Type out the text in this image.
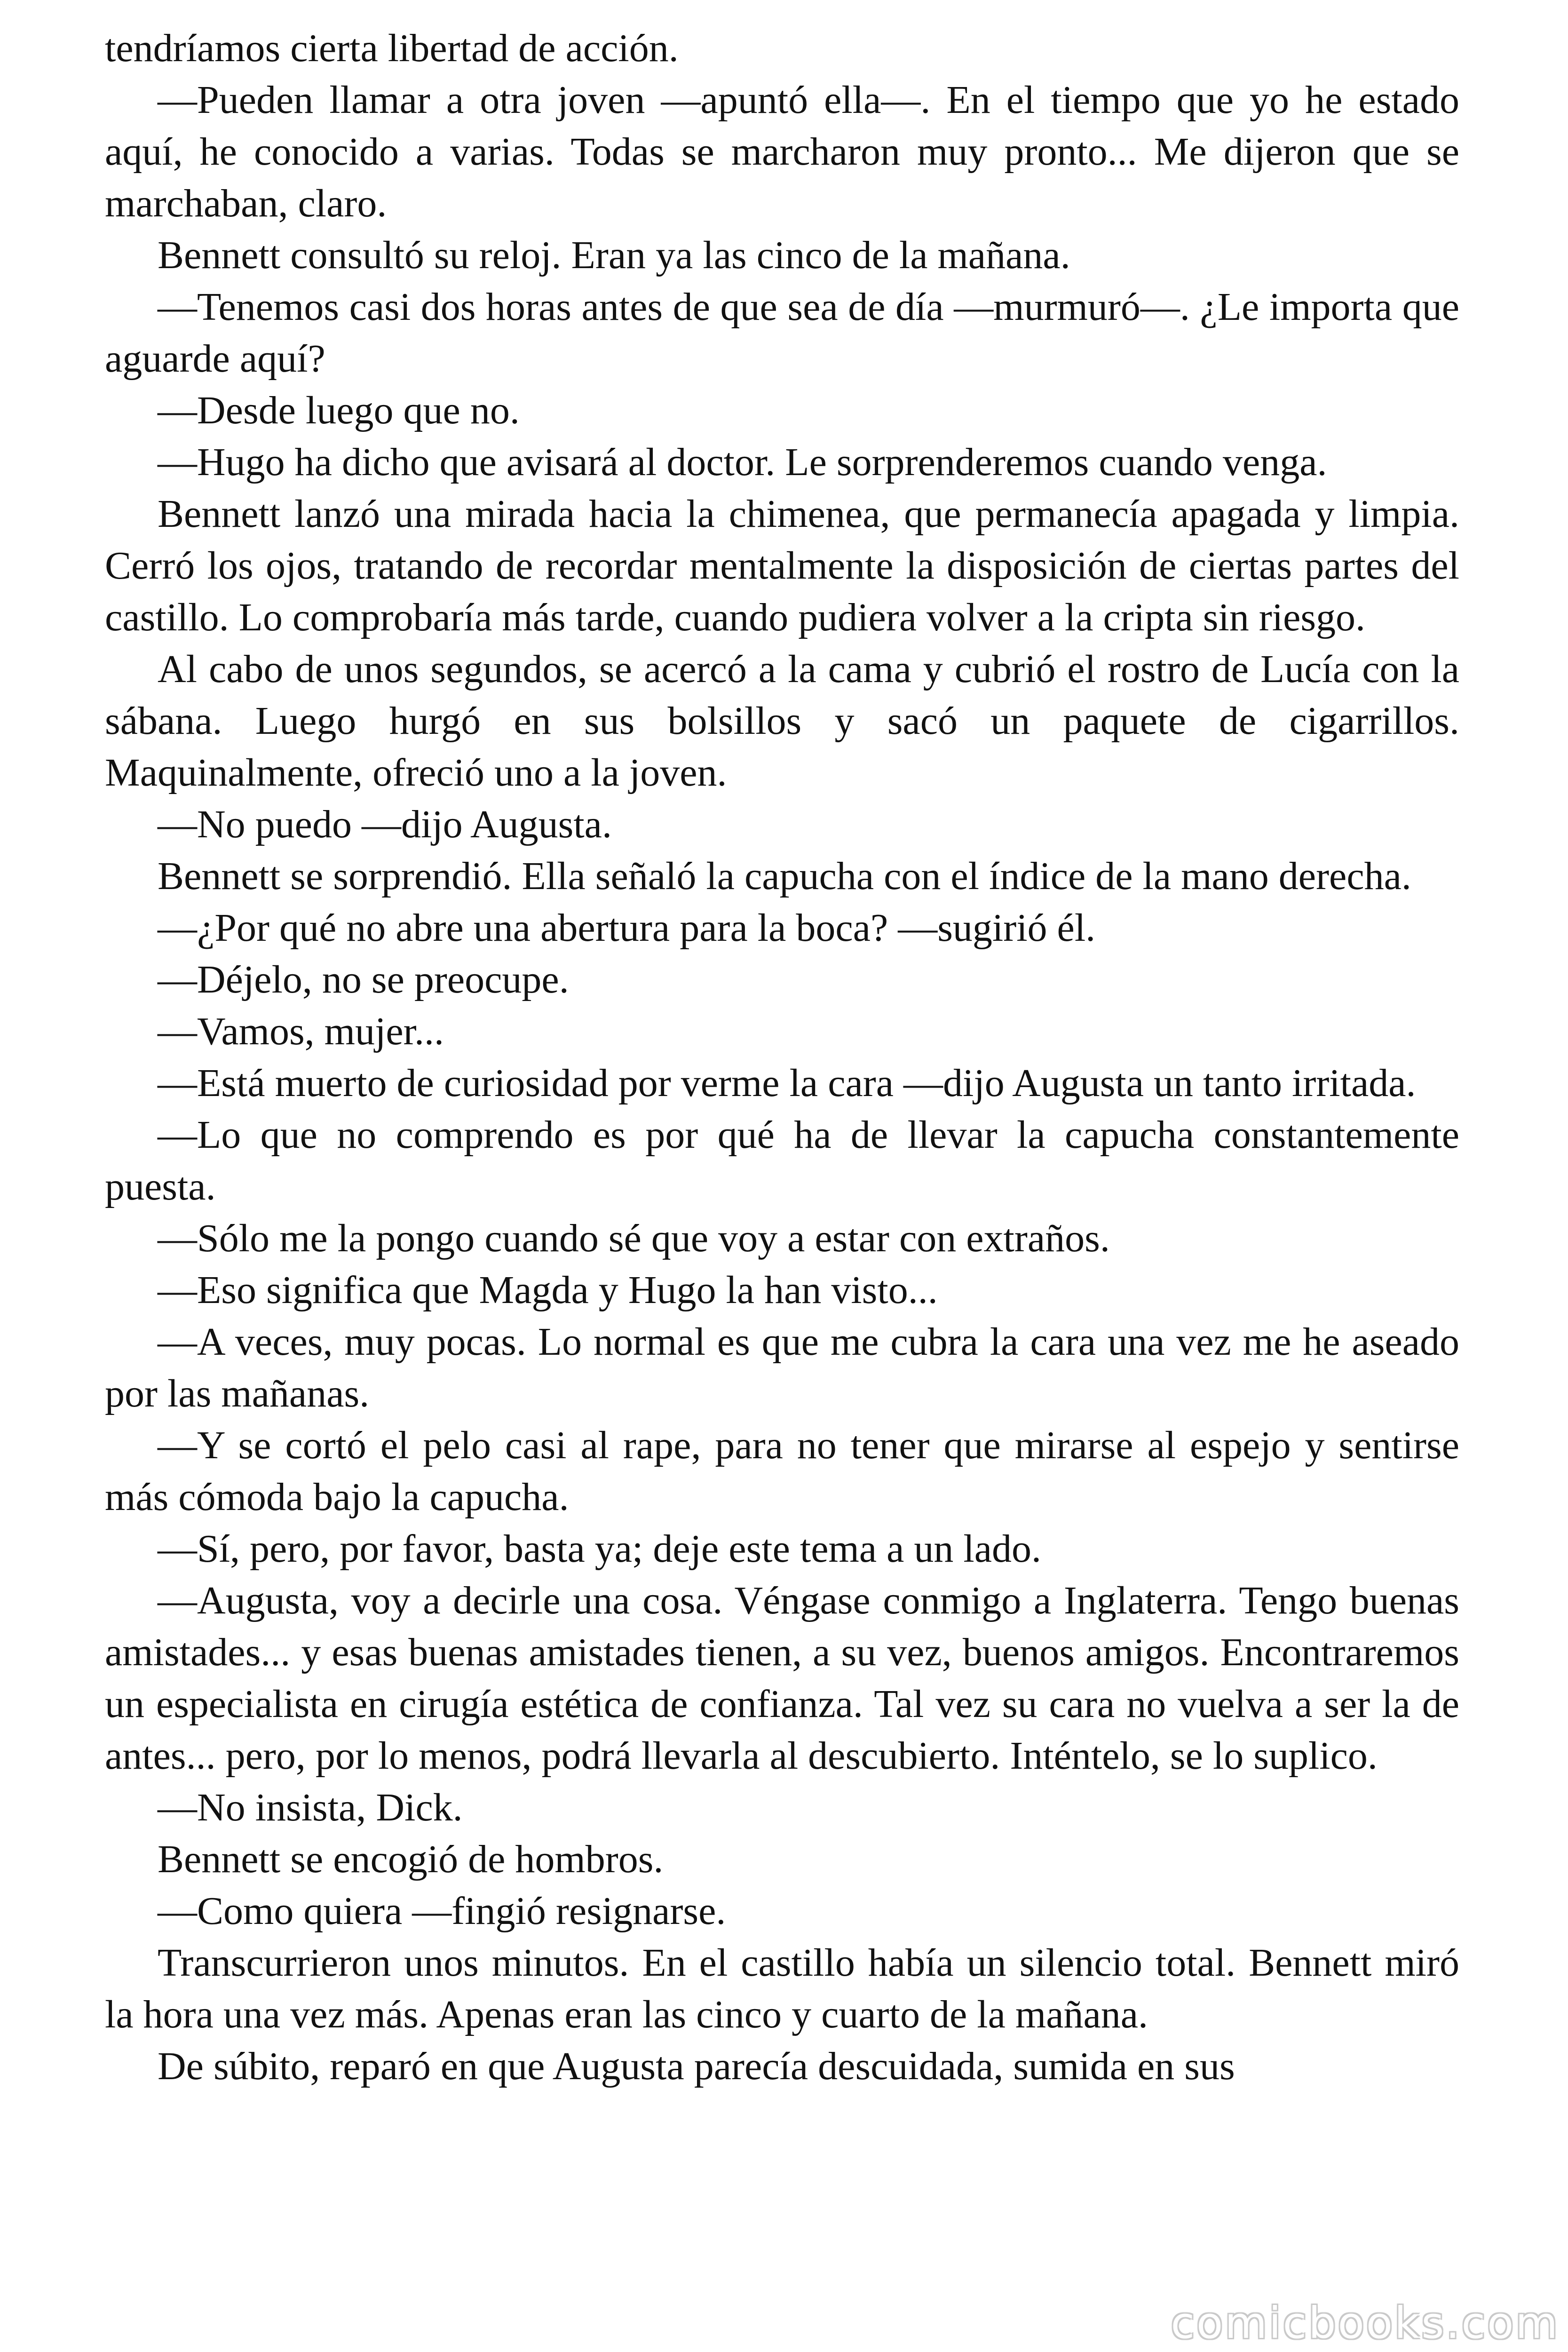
tendríamos cierta libertad de acción.

—Pueden llamar a otra joven —apuntó ella—. En el tiempo que yo he estado aquí, he conocido a varias. Todas se marcharon muy pronto... Me dijeron que se marchaban, claro.

Bennett consultó su reloj. Eran ya las cinco de la mañana.

—Tenemos casi dos horas antes de que sea de día —murmuró—. ¿Le importa que aguarde aquí?

—Desde luego que no.

—Hugo ha dicho que avisará al doctor. Le sorprenderemos cuando venga.

Bennett lanzó una mirada hacia la chimenea, que permanecía apagada y limpia. Cerró los ojos, tratando de recordar mentalmente la disposición de ciertas partes del castillo. Lo comprobaría más tarde, cuando pudiera volver a la cripta sin riesgo.

Al cabo de unos segundos, se acercó a la cama y cubrió el rostro de Lucía con la sábana. Luego hurgó en sus bolsillos y sacó un paquete de cigarrillos. Maquinalmente, ofreció uno a la joven.

—No puedo —dijo Augusta.

Bennett se sorprendió. Ella señaló la capucha con el índice de la mano derecha.

—¿Por qué no abre una abertura para la boca? —sugirió él.

—Déjelo, no se preocupe.

—Vamos, mujer...

—Está muerto de curiosidad por verme la cara —dijo Augusta un tanto irritada.

—Lo que no comprendo es por qué ha de llevar la capucha constantemente puesta.

—Sólo me la pongo cuando sé que voy a estar con extraños.

—Eso significa que Magda y Hugo la han visto...

—A veces, muy pocas. Lo normal es que me cubra la cara una vez me he aseado por las mañanas.

—Y se cortó el pelo casi al rape, para no tener que mirarse al espejo y sentirse más cómoda bajo la capucha.

—Sí, pero, por favor, basta ya; deje este tema a un lado.

—Augusta, voy a decirle una cosa. Véngase conmigo a Inglaterra. Tengo buenas amistades... y esas buenas amistades tienen, a su vez, buenos amigos. Encontraremos un especialista en cirugía estética de confianza. Tal vez su cara no vuelva a ser la de antes... pero, por lo menos, podrá llevarla al descubierto. Inténtelo, se lo suplico.

—No insista, Dick.

Bennett se encogió de hombros.

—Como quiera —fingió resignarse.

Transcurrieron unos minutos. En el castillo había un silencio total. Bennett miró la hora una vez más. Apenas eran las cinco y cuarto de la mañana.

De súbito, reparó en que Augusta parecía descuidada, sumida en sus

comicbooks.com
